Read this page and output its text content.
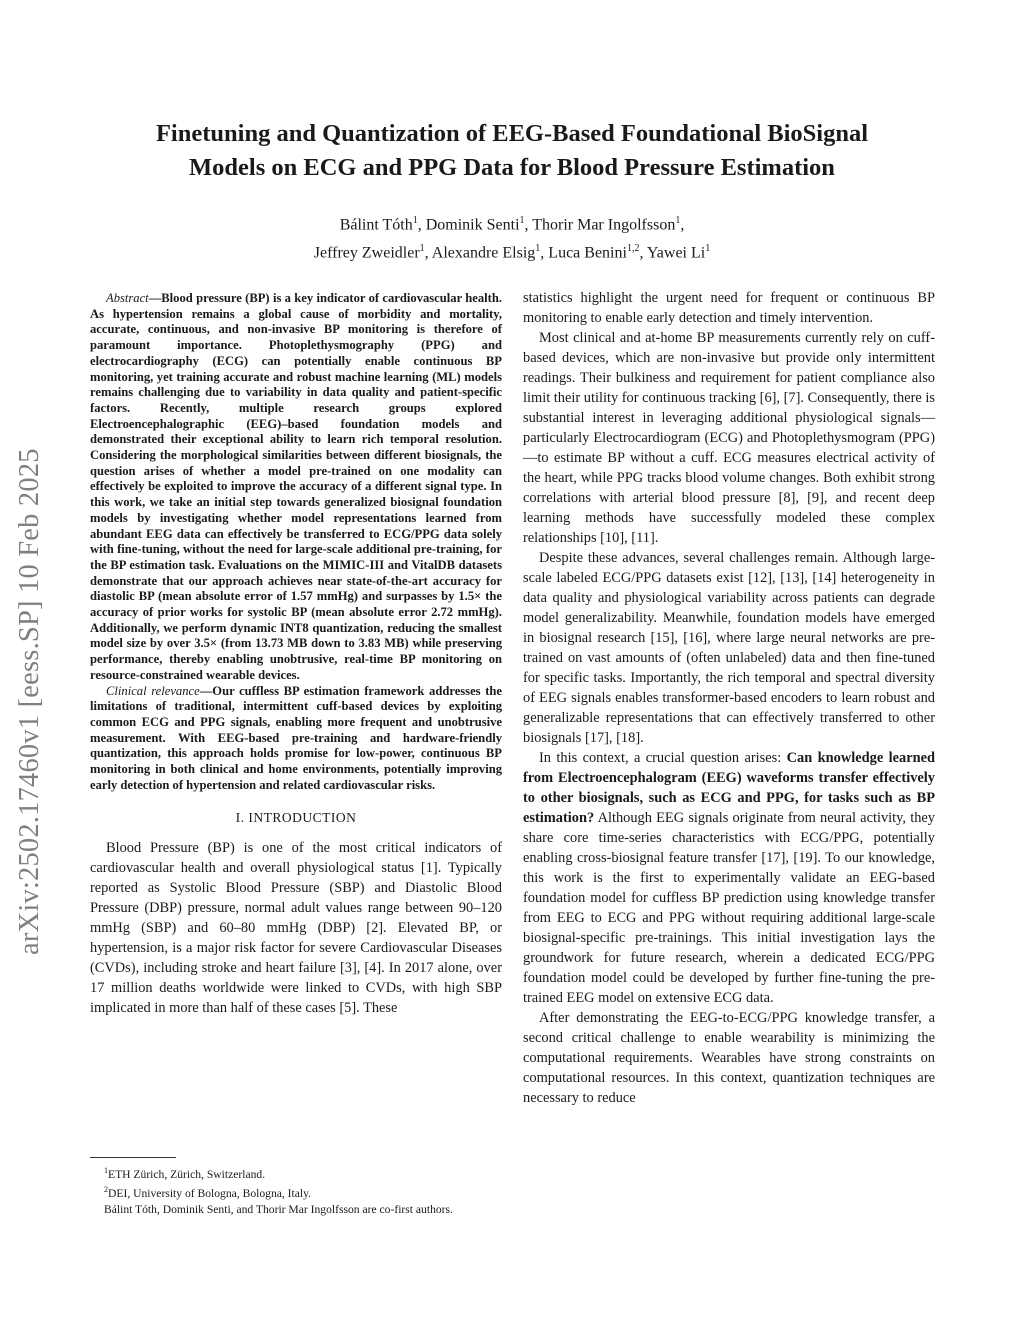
arXiv:2502.17460v1 [eess.SP] 10 Feb 2025
Finetuning and Quantization of EEG-Based Foundational BioSignal
Models on ECG and PPG Data for Blood Pressure Estimation
Bálint Tóth$^1$, Dominik Senti$^1$, Thorir Mar Ingolfsson$^1$,
Jeffrey Zweidler$^1$, Alexandre Elsig$^1$, Luca Benini$^{1,2}$, Yawei Li$^1$

Abstract—Blood pressure (BP) is a key indicator of cardiovascular health. As hypertension remains a global cause of morbidity and mortality, accurate, continuous, and non-invasive BP monitoring is therefore of paramount importance. Photoplethysmography (PPG) and electrocardiography (ECG) can potentially enable continuous BP monitoring, yet training accurate and robust machine learning (ML) models remains challenging due to variability in data quality and patient-specific factors. Recently, multiple research groups explored Electroencephalographic (EEG)–based foundation models and demonstrated their exceptional ability to learn rich temporal resolution. Considering the morphological similarities between different biosignals, the question arises of whether a model pre-trained on one modality can effectively be exploited to improve the accuracy of a different signal type. In this work, we take an initial step towards generalized biosignal foundation models by investigating whether model representations learned from abundant EEG data can effectively be transferred to ECG/PPG data solely with fine-tuning, without the need for large-scale additional pre-training, for the BP estimation task. Evaluations on the MIMIC-III and VitalDB datasets demonstrate that our approach achieves near state-of-the-art accuracy for diastolic BP (mean absolute error of 1.57 mmHg) and surpasses by 1.5× the accuracy of prior works for systolic BP (mean absolute error 2.72 mmHg). Additionally, we perform dynamic INT8 quantization, reducing the smallest model size by over 3.5× (from 13.73 MB down to 3.83 MB) while preserving performance, thereby enabling unobtrusive, real-time BP monitoring on resource-constrained wearable devices.

Clinical relevance—Our cuffless BP estimation framework addresses the limitations of traditional, intermittent cuff-based devices by exploiting common ECG and PPG signals, enabling more frequent and unobtrusive measurement. With EEG-based pre-training and hardware-friendly quantization, this approach holds promise for low-power, continuous BP monitoring in both clinical and home environments, potentially improving early detection of hypertension and related cardiovascular risks.

I. INTRODUCTION

Blood Pressure (BP) is one of the most critical indicators of cardiovascular health and overall physiological status [1]. Typically reported as Systolic Blood Pressure (SBP) and Diastolic Blood Pressure (DBP) pressure, normal adult values range between 90–120 mmHg (SBP) and 60–80 mmHg (DBP) [2]. Elevated BP, or hypertension, is a major risk factor for severe Cardiovascular Diseases (CVDs), including stroke and heart failure [3], [4]. In 2017 alone, over 17 million deaths worldwide were linked to CVDs, with high SBP implicated in more than half of these cases [5]. These

$^1$ETH Zürich, Zürich, Switzerland.

$^2$DEI, University of Bologna, Bologna, Italy.

Bálint Tóth, Dominik Senti, and Thorir Mar Ingolfsson are co-first authors.

statistics highlight the urgent need for frequent or continuous BP monitoring to enable early detection and timely intervention.

Most clinical and at-home BP measurements currently rely on cuff-based devices, which are non-invasive but provide only intermittent readings. Their bulkiness and requirement for patient compliance also limit their utility for continuous tracking [6], [7]. Consequently, there is substantial interest in leveraging additional physiological signals—particularly Electrocardiogram (ECG) and Photoplethysmogram (PPG)—to estimate BP without a cuff. ECG measures electrical activity of the heart, while PPG tracks blood volume changes. Both exhibit strong correlations with arterial blood pressure [8], [9], and recent deep learning methods have successfully modeled these complex relationships [10], [11].

Despite these advances, several challenges remain. Although large-scale labeled ECG/PPG datasets exist [12], [13], [14] heterogeneity in data quality and physiological variability across patients can degrade model generalizability. Meanwhile, foundation models have emerged in biosignal research [15], [16], where large neural networks are pre-trained on vast amounts of (often unlabeled) data and then fine-tuned for specific tasks. Importantly, the rich temporal and spectral diversity of EEG signals enables transformer-based encoders to learn robust and generalizable representations that can effectively transferred to other biosignals [17], [18].

In this context, a crucial question arises: Can knowledge learned from Electroencephalogram (EEG) waveforms transfer effectively to other biosignals, such as ECG and PPG, for tasks such as BP estimation? Although EEG signals originate from neural activity, they share core time-series characteristics with ECG/PPG, potentially enabling cross-biosignal feature transfer [17], [19]. To our knowledge, this work is the first to experimentally validate an EEG-based foundation model for cuffless BP prediction using knowledge transfer from EEG to ECG and PPG without requiring additional large-scale biosignal-specific pre-trainings. This initial investigation lays the groundwork for future research, wherein a dedicated ECG/PPG foundation model could be developed by further fine-tuning the pre-trained EEG model on extensive ECG data.

After demonstrating the EEG-to-ECG/PPG knowledge transfer, a second critical challenge to enable wearability is minimizing the computational requirements. Wearables have strong constraints on computational resources. In this context, quantization techniques are necessary to reduce
